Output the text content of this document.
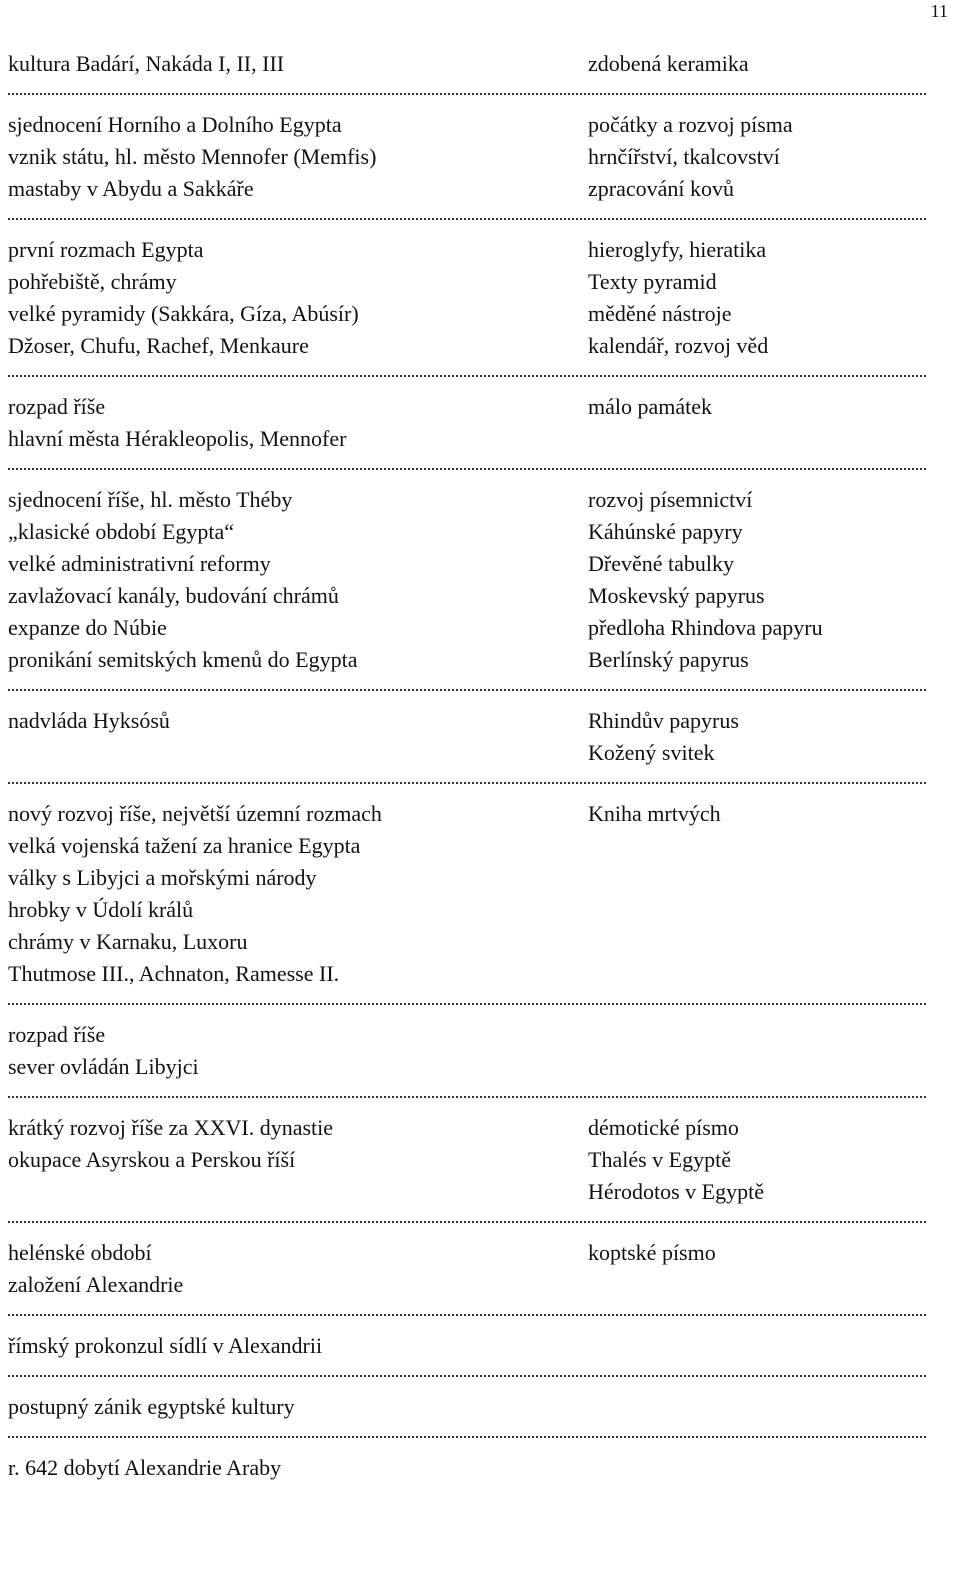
11
kultura Badárí, Nakáda I, II, III	zdobená keramika
sjednocení Horního a Dolního Egypta
vznik státu, hl. město Mennofer (Memfis)
mastaby v Abydu a Sakkáře
počátky a rozvoj písma
hrnčířství, tkalcovství
zpracování kovů
první rozmach Egypta
pohřebiště, chrámy
velké pyramidy (Sakkára, Gíza, Abúsír)
Džoser, Chufu, Rachef, Menkaure
hieroglyfy, hieratika
Texty pyramid
měděné nástroje
kalendář, rozvoj věd
rozpad říše
hlavní města Hérakleopolis, Mennofer
málo památek
sjednocení říše, hl. město Théby
„klasické období Egypta“
velké administrativní reformy
zavlažovací kanály, budování chrámů
expanze do Núbie
pronikání semitských kmenů do Egypta
rozvoj písemnictví
Káhúnské papyry
Dřevěné tabulky
Moskevský papyrus
předloha Rhindova papyru
Berlínský papyrus
nadvláda Hyksósů	Rhindův papyrus
Kožený svitek
nový rozvoj říše, největší územní rozmach
velká vojenská tažení za hranice Egypta
války s Libyjci a mořskými národy
hrobky v Údolí králů
chrámy v Karnaku, Luxoru
Thutmose III., Achnaton, Ramesse II.
Kniha mrtvých
rozpad říše
sever ovládán Libyjci
krátký rozvoj říše za XXVI. dynastie
okupace Asyrskou a Perskou říší
démotické písmo
Thalés v Egyptě
Hérodotos v Egyptě
helénské období
založení Alexandrie
koptské písmo
římský prokonzul sídlí v Alexandrii
postupný zánik egyptské kultury
r. 642 dobytí Alexandrie Araby
